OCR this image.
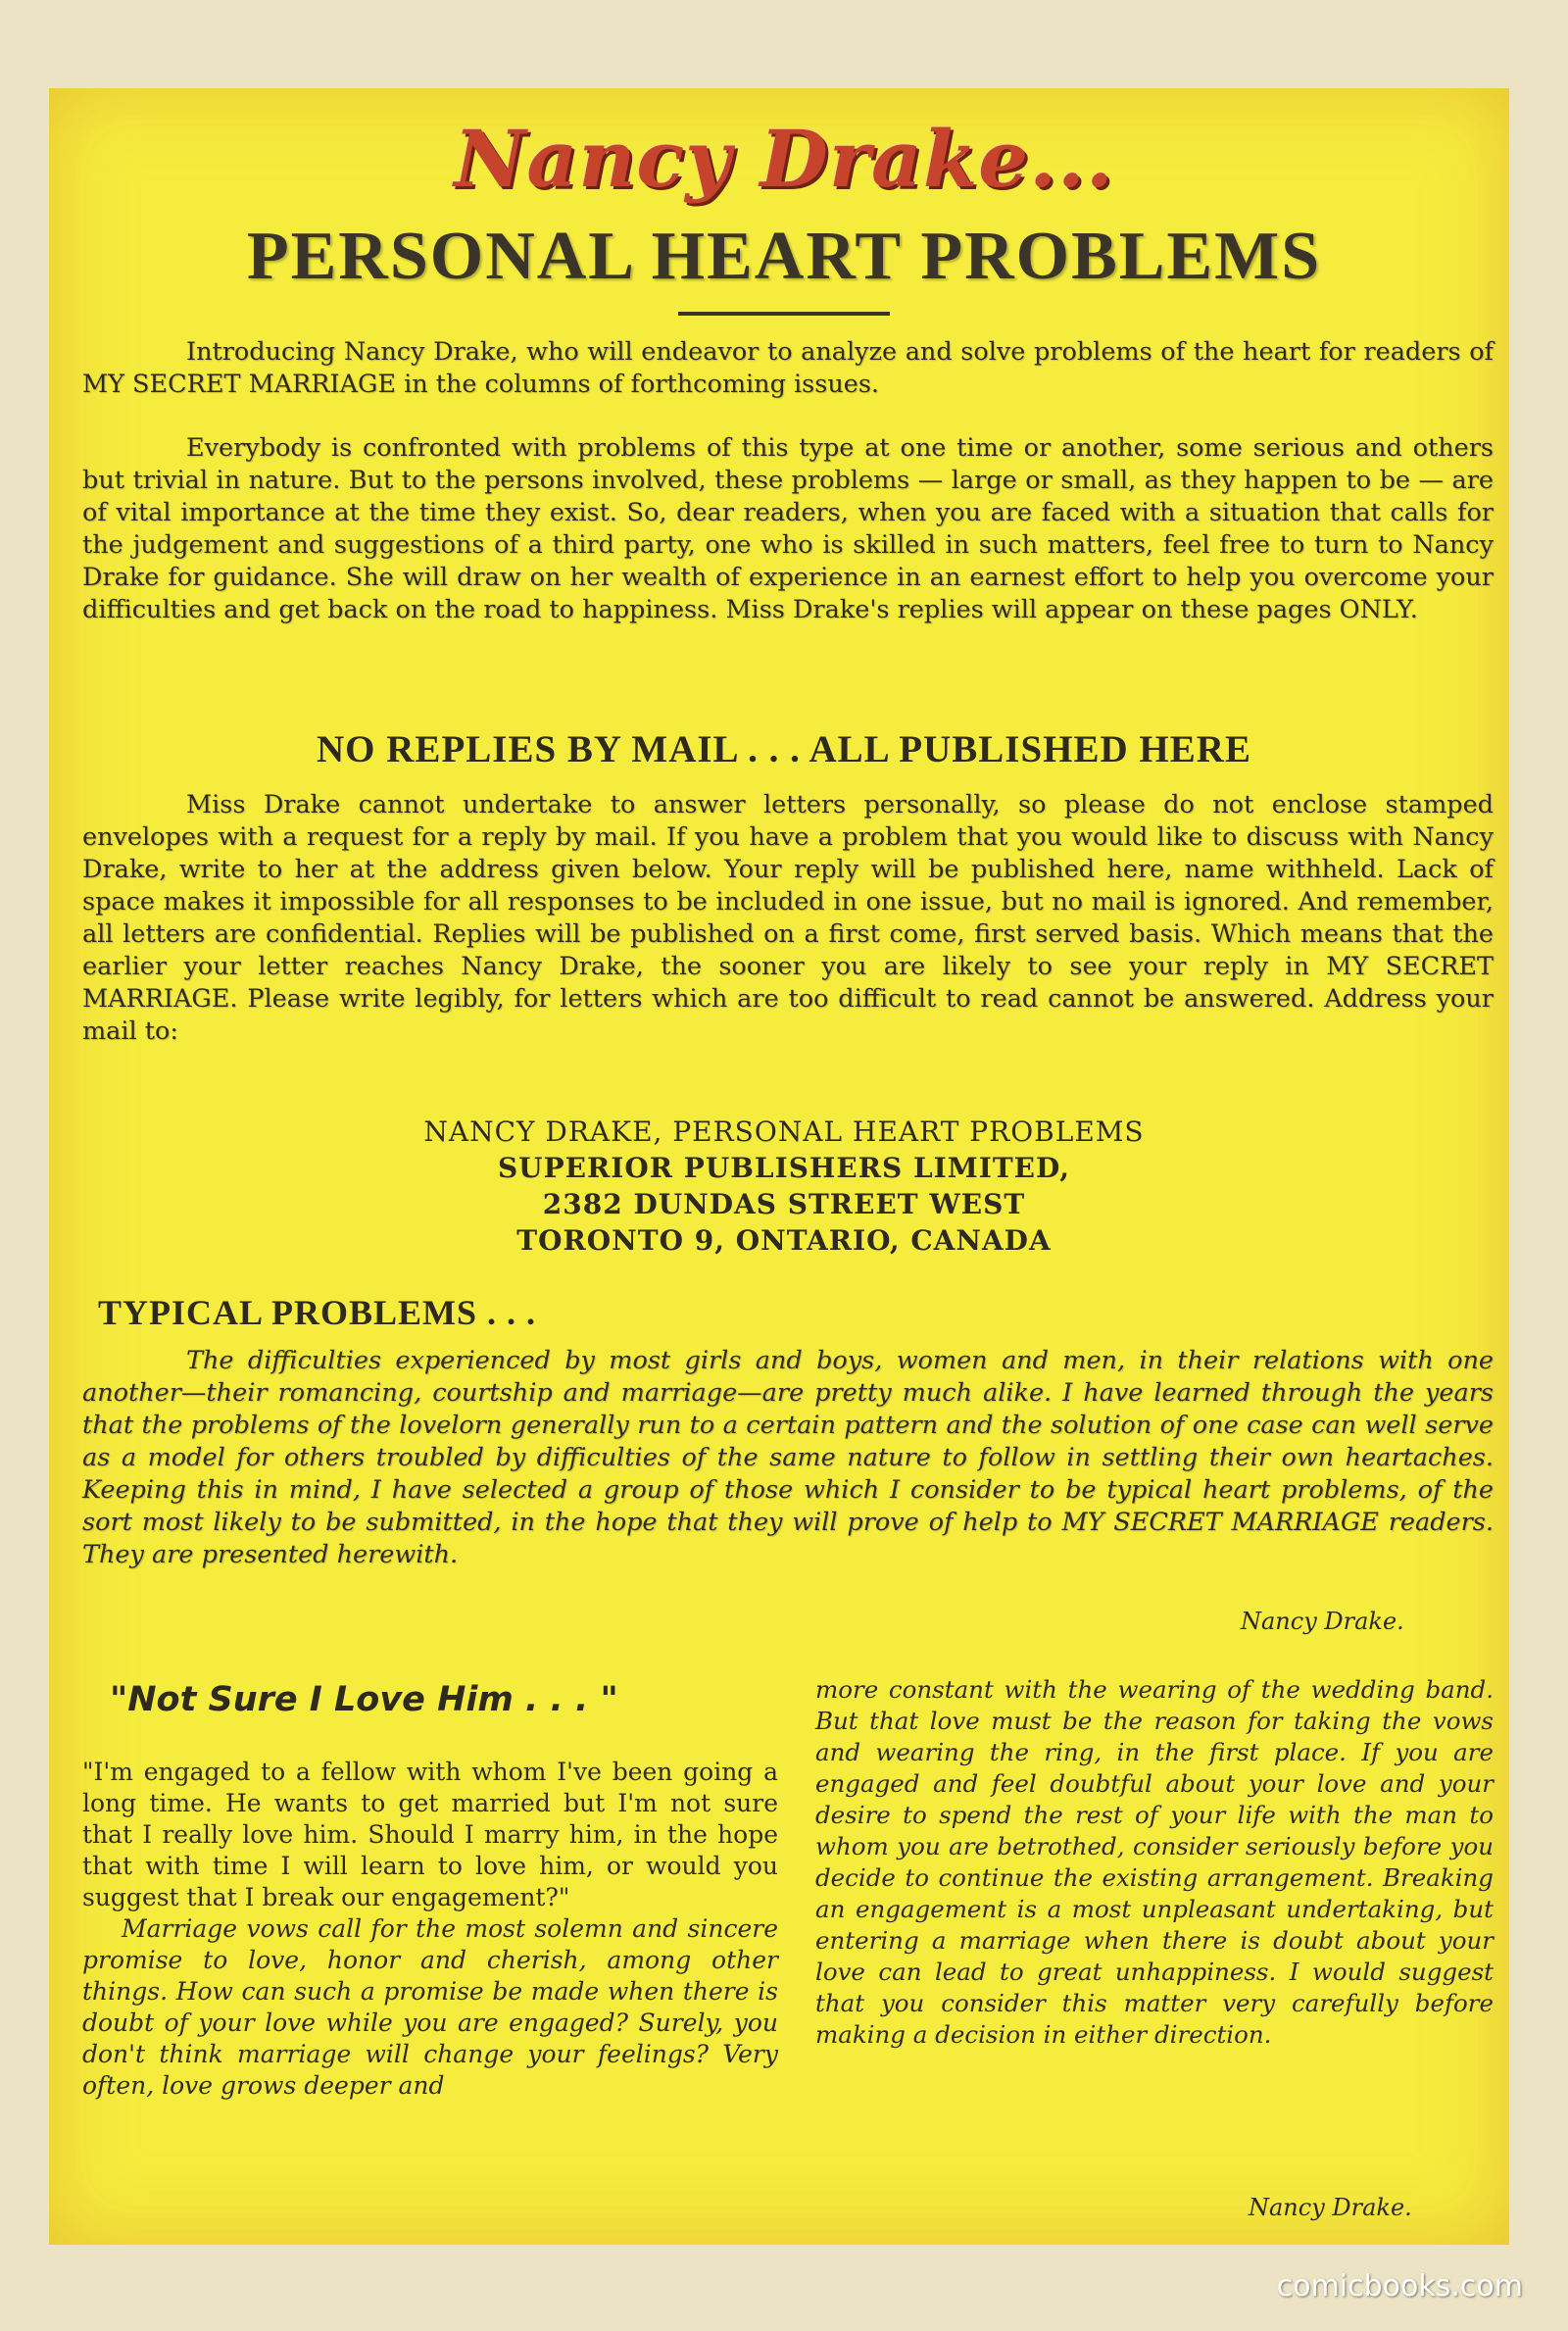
Nancy Drake...
PERSONAL HEART PROBLEMS

Introducing Nancy Drake, who will endeavor to analyze and solve problems of the heart for readers of MY SECRET MARRIAGE in the columns of forthcoming issues.

Everybody is confronted with problems of this type at one time or another, some serious and others but trivial in nature. But to the persons involved, these problems — large or small, as they happen to be — are of vital importance at the time they exist. So, dear readers, when you are faced with a situation that calls for the judgement and suggestions of a third party, one who is skilled in such matters, feel free to turn to Nancy Drake for guidance. She will draw on her wealth of experience in an earnest effort to help you overcome your difficulties and get back on the road to happiness. Miss Drake's replies will appear on these pages ONLY.

NO REPLIES BY MAIL . . . ALL PUBLISHED HERE

Miss Drake cannot undertake to answer letters personally, so please do not enclose stamped envelopes with a request for a reply by mail. If you have a problem that you would like to discuss with Nancy Drake, write to her at the address given below. Your reply will be published here, name withheld. Lack of space makes it impossible for all responses to be included in one issue, but no mail is ignored. And remember, all letters are confidential. Replies will be published on a first come, first served basis. Which means that the earlier your letter reaches Nancy Drake, the sooner you are likely to see your reply in MY SECRET MARRIAGE. Please write legibly, for letters which are too difficult to read cannot be answered. Address your mail to:

NANCY DRAKE, PERSONAL HEART PROBLEMS
SUPERIOR PUBLISHERS LIMITED,
2382 DUNDAS STREET WEST
TORONTO 9, ONTARIO, CANADA
TYPICAL PROBLEMS . . .

The difficulties experienced by most girls and boys, women and men, in their relations with one another—their romancing, courtship and marriage—are pretty much alike. I have learned through the years that the problems of the lovelorn generally run to a certain pattern and the solution of one case can well serve as a model for others troubled by difficulties of the same nature to follow in settling their own heartaches. Keeping this in mind, I have selected a group of those which I consider to be typical heart problems, of the sort most likely to be submitted, in the hope that they will prove of help to MY SECRET MARRIAGE readers. They are presented herewith.

Nancy Drake.
"Not Sure I Love Him . . . "

"I'm engaged to a fellow with whom I've been going a long time. He wants to get married but I'm not sure that I really love him. Should I marry him, in the hope that with time I will learn to love him, or would you suggest that I break our engagement?"

Marriage vows call for the most solemn and sincere promise to love, honor and cherish, among other things. How can such a promise be made when there is doubt of your love while you are engaged? Surely, you don't think marriage will change your feelings? Very often, love grows deeper and

more constant with the wearing of the wedding band. But that love must be the reason for taking the vows and wearing the ring, in the first place. If you are engaged and feel doubtful about your love and your desire to spend the rest of your life with the man to whom you are betrothed, consider seriously before you decide to continue the existing arrangement. Breaking an engagement is a most unpleasant undertaking, but entering a marriage when there is doubt about your love can lead to great unhappiness. I would suggest that you consider this matter very carefully before making a decision in either direction.

Nancy Drake.
comicbooks.com
